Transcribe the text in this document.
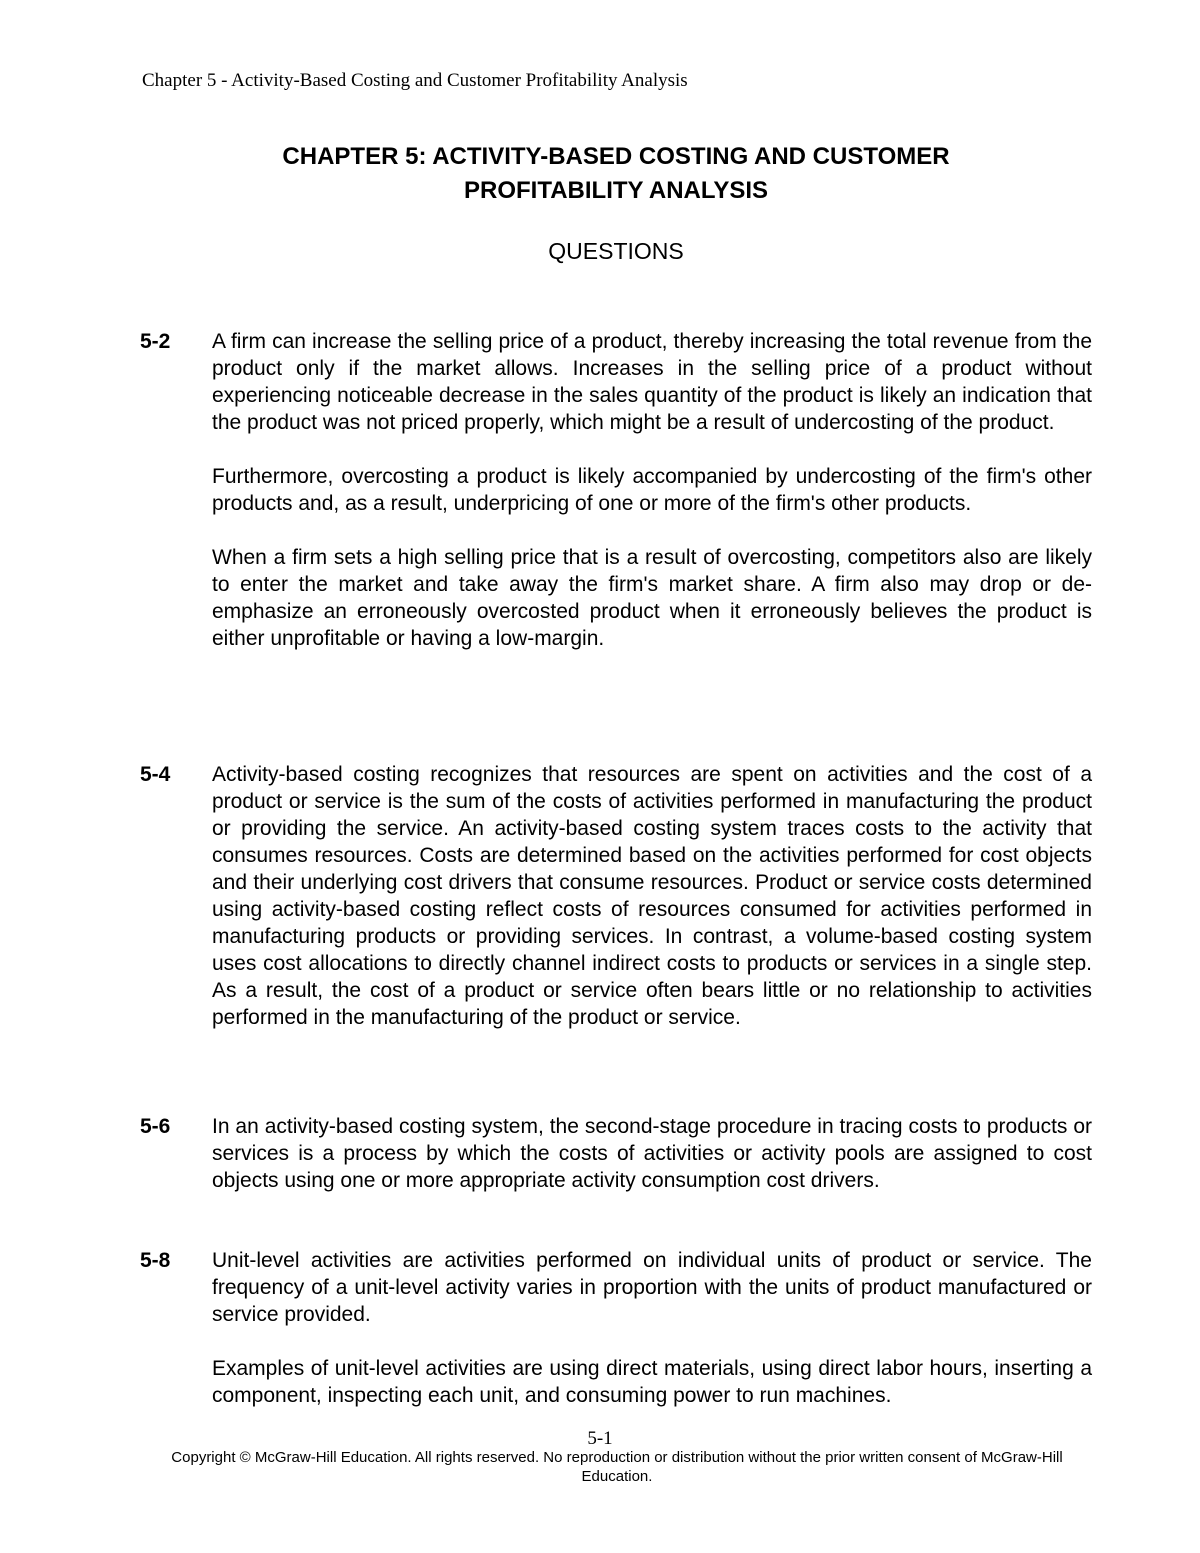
Chapter 5 - Activity-Based Costing and Customer Profitability Analysis
CHAPTER 5: ACTIVITY-BASED COSTING AND CUSTOMER
PROFITABILITY ANALYSIS
QUESTIONS
5-2 A firm can increase the selling price of a product, thereby increasing the total revenue from the product only if the market allows. Increases in the selling price of a product without experiencing noticeable decrease in the sales quantity of the product is likely an indication that the product was not priced properly, which might be a result of undercosting of the product.

Furthermore, overcosting a product is likely accompanied by undercosting of the firm's other products and, as a result, underpricing of one or more of the firm's other products.

When a firm sets a high selling price that is a result of overcosting, competitors also are likely to enter the market and take away the firm's market share. A firm also may drop or de-emphasize an erroneously overcosted product when it erroneously believes the product is either unprofitable or having a low-margin.

5-4 Activity-based costing recognizes that resources are spent on activities and the cost of a product or service is the sum of the costs of activities performed in manufacturing the product or providing the service. An activity-based costing system traces costs to the activity that consumes resources. Costs are determined based on the activities performed for cost objects and their underlying cost drivers that consume resources. Product or service costs determined using activity-based costing reflect costs of resources consumed for activities performed in manufacturing products or providing services. In contrast, a volume-based costing system uses cost allocations to directly channel indirect costs to products or services in a single step. As a result, the cost of a product or service often bears little or no relationship to activities performed in the manufacturing of the product or service.

5-6 In an activity-based costing system, the second-stage procedure in tracing costs to products or services is a process by which the costs of activities or activity pools are assigned to cost objects using one or more appropriate activity consumption cost drivers.

5-8 Unit-level activities are activities performed on individual units of product or service. The frequency of a unit-level activity varies in proportion with the units of product manufactured or service provided.

Examples of unit-level activities are using direct materials, using direct labor hours, inserting a component, inspecting each unit, and consuming power to run machines.

5-1
Copyright © McGraw-Hill Education. All rights reserved. No reproduction or distribution without the prior written consent of McGraw-Hill Education.
